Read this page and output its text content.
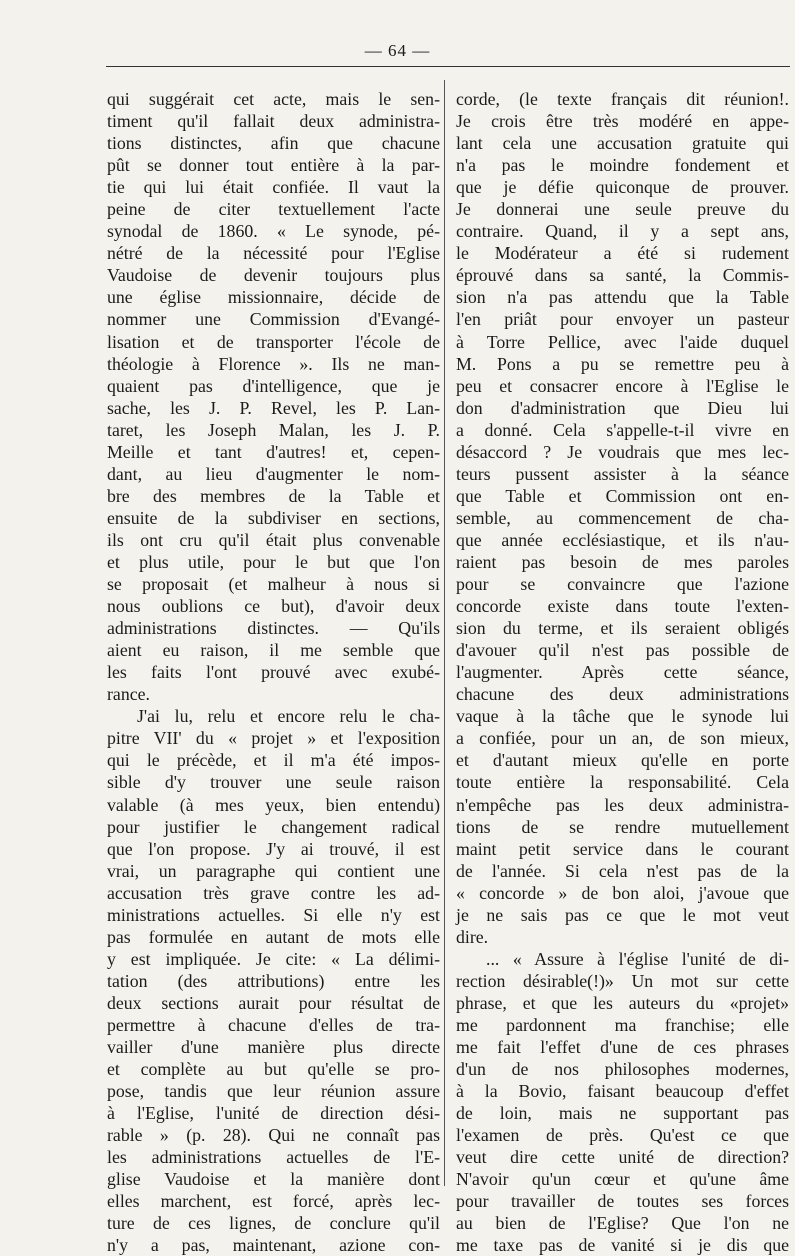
— 64 —
qui suggérait cet acte, mais le sen-
timent qu'il fallait deux administra-
tions distinctes, afin que chacune
pût se donner tout entière à la par-
tie qui lui était confiée. Il vaut la
peine de citer textuellement l'acte
synodal de 1860. « Le synode, pé-
nétré de la nécessité pour l'Eglise
Vaudoise de devenir toujours plus
une église missionnaire, décide de
nommer une Commission d'Evangé-
lisation et de transporter l'école de
théologie à Florence ». Ils ne man-
quaient pas d'intelligence, que je
sache, les J. P. Revel, les P. Lan-
taret, les Joseph Malan, les J. P.
Meille et tant d'autres! et, cepen-
dant, au lieu d'augmenter le nom-
bre des membres de la Table et
ensuite de la subdiviser en sections,
ils ont cru qu'il était plus convenable
et plus utile, pour le but que l'on
se proposait (et malheur à nous si
nous oublions ce but), d'avoir deux
administrations distinctes. — Qu'ils
aient eu raison, il me semble que
les faits l'ont prouvé avec exubé-
rance.
J'ai lu, relu et encore relu le cha-
pitre VII' du « projet » et l'exposition
qui le précède, et il m'a été impos-
sible d'y trouver une seule raison
valable (à mes yeux, bien entendu)
pour justifier le changement radical
que l'on propose. J'y ai trouvé, il est
vrai, un paragraphe qui contient une
accusation très grave contre les ad-
ministrations actuelles. Si elle n'y est
pas formulée en autant de mots elle
y est impliquée. Je cite: « La délimi-
tation (des attributions) entre les
deux sections aurait pour résultat de
permettre à chacune d'elles de tra-
vailler d'une manière plus directe
et complète au but qu'elle se pro-
pose, tandis que leur réunion assure
à l'Eglise, l'unité de direction dési-
rable » (p. 28). Qui ne connaît pas
les administrations actuelles de l'E-
glise Vaudoise et la manière dont
elles marchent, est forcé, après lec-
ture de ces lignes, de conclure qu'il
n'y a pas, maintenant, azione con-
corde, (le texte français dit réunion!.
Je crois être très modéré en appe-
lant cela une accusation gratuite qui
n'a pas le moindre fondement et
que je défie quiconque de prouver.
Je donnerai une seule preuve du
contraire. Quand, il y a sept ans,
le Modérateur a été si rudement
éprouvé dans sa santé, la Commis-
sion n'a pas attendu que la Table
l'en priât pour envoyer un pasteur
à Torre Pellice, avec l'aide duquel
M. Pons a pu se remettre peu à
peu et consacrer encore à l'Eglise le
don d'administration que Dieu lui
a donné. Cela s'appelle-t-il vivre en
désaccord ? Je voudrais que mes lec-
teurs pussent assister à la séance
que Table et Commission ont en-
semble, au commencement de cha-
que année ecclésiastique, et ils n'au-
raient pas besoin de mes paroles
pour se convaincre que l'azione
concorde existe dans toute l'exten-
sion du terme, et ils seraient obligés
d'avouer qu'il n'est pas possible de
l'augmenter. Après cette séance,
chacune des deux administrations
vaque à la tâche que le synode lui
a confiée, pour un an, de son mieux,
et d'autant mieux qu'elle en porte
toute entière la responsabilité. Cela
n'empêche pas les deux administra-
tions de se rendre mutuellement
maint petit service dans le courant
de l'année. Si cela n'est pas de la
« concorde » de bon aloi, j'avoue que
je ne sais pas ce que le mot veut
dire.
... « Assure à l'église l'unité de di-
rection désirable(!)» Un mot sur cette
phrase, et que les auteurs du «projet»
me pardonnent ma franchise; elle
me fait l'effet d'une de ces phrases
d'un de nos philosophes modernes,
à la Bovio, faisant beaucoup d'effet
de loin, mais ne supportant pas
l'examen de près. Qu'est ce que
veut dire cette unité de direction?
N'avoir qu'un cœur et qu'une âme
pour travailler de toutes ses forces
au bien de l'Eglise? Que l'on ne
me taxe pas de vanité si je dis que
